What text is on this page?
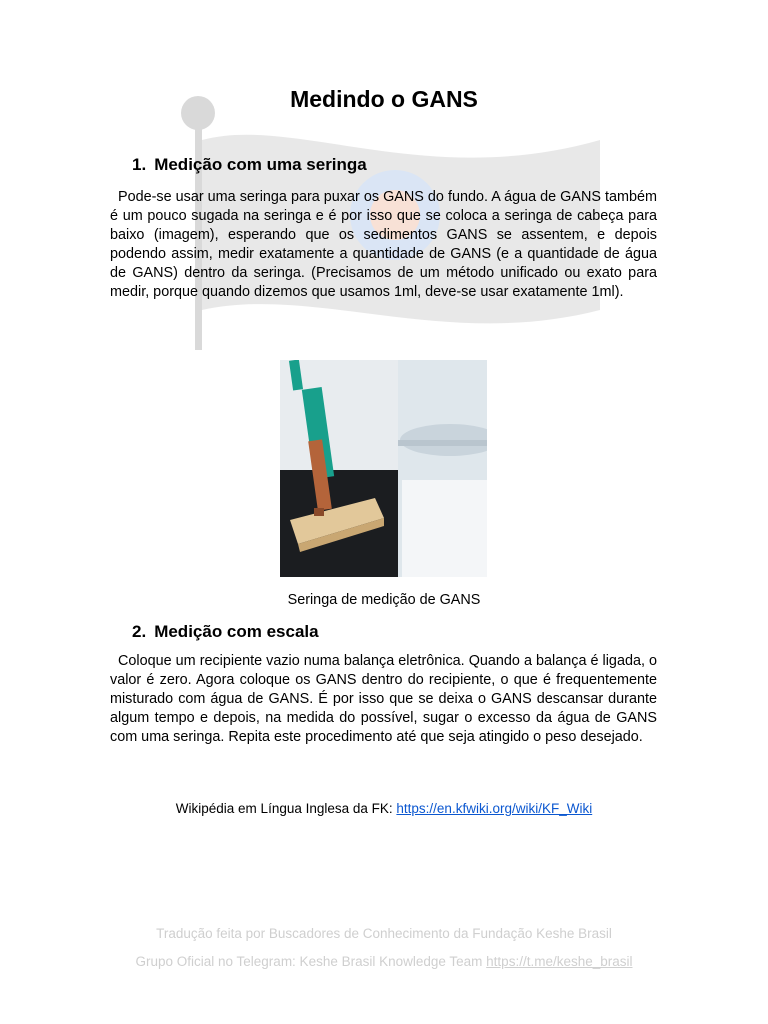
Medindo o GANS
1. Medição com uma seringa

Pode-se usar uma seringa para puxar os GANS do fundo. A água de GANS também é um pouco sugada na seringa e é por isso que se coloca a seringa de cabeça para baixo (imagem), esperando que os sedimentos GANS se assentem, e depois podendo assim, medir exatamente a quantidade de GANS (e a quantidade de água de GANS) dentro da seringa. (Precisamos de um método unificado ou exato para medir, porque quando dizemos que usamos 1ml, deve-se usar exatamente 1ml).

Seringa de medição de GANS
2. Medição com escala

Coloque um recipiente vazio numa balança eletrônica. Quando a balança é ligada, o valor é zero. Agora coloque os GANS dentro do recipiente, o que é frequentemente misturado com água de GANS. É por isso que se deixa o GANS descansar durante algum tempo e depois, na medida do possível, sugar o excesso da água de GANS com uma seringa. Repita este procedimento até que seja atingido o peso desejado.

Wikipédia em Língua Inglesa da FK: https://en.kfwiki.org/wiki/KF_Wiki
Tradução feita por Buscadores de Conhecimento da Fundação Keshe Brasil
Grupo Oficial no Telegram: Keshe Brasil Knowledge Team https://t.me/keshe_brasil
